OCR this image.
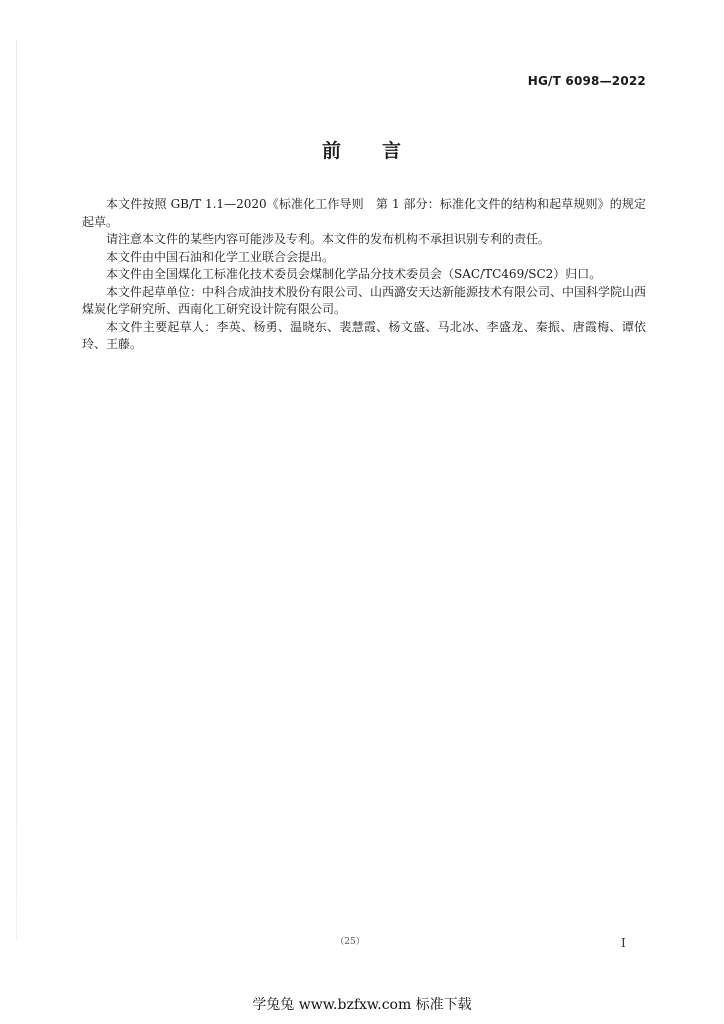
HG/T 6098—2022
前 言

本文件按照 GB/T 1.1—2020《标准化工作导则　第 1 部分：标准化文件的结构和起草规则》的规定起草。

请注意本文件的某些内容可能涉及专利。本文件的发布机构不承担识别专利的责任。

本文件由中国石油和化学工业联合会提出。

本文件由全国煤化工标准化技术委员会煤制化学品分技术委员会（SAC/TC469/SC2）归口。

本文件起草单位：中科合成油技术股份有限公司、山西潞安天达新能源技术有限公司、中国科学院山西煤炭化学研究所、西南化工研究设计院有限公司。

本文件主要起草人：李英、杨勇、温晓东、裴慧霞、杨文盛、马北冰、李盛龙、秦振、唐霞梅、谭依玲、王藤。

（25）	I
学兔兔 www.bzfxw.com 标准下载
